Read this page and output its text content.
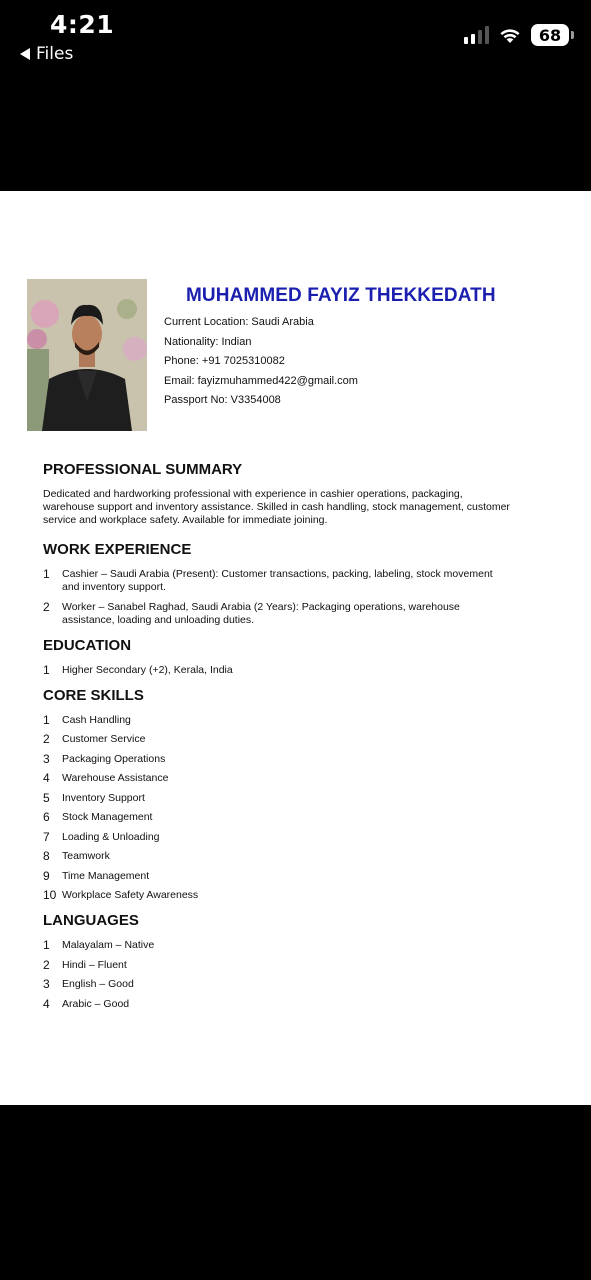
4:21
Files
68
MUHAMMED FAYIZ THEKKEDATH
Current Location: Saudi Arabia
Nationality: Indian
Phone: +91 7025310082
Email: fayizmuhammed422@gmail.com
Passport No: V3354008
PROFESSIONAL SUMMARY

Dedicated and hardworking professional with experience in cashier operations, packaging, warehouse support and inventory assistance. Skilled in cash handling, stock management, customer service and workplace safety. Available for immediate joining.

WORK EXPERIENCE
1	Cashier – Saudi Arabia (Present): Customer transactions, packing, labeling, stock movement and inventory support.
2	Worker – Sanabel Raghad, Saudi Arabia (2 Years): Packaging operations, warehouse assistance, loading and unloading duties.
EDUCATION
1	Higher Secondary (+2), Kerala, India
CORE SKILLS
1	Cash Handling
2	Customer Service
3	Packaging Operations
4	Warehouse Assistance
5	Inventory Support
6	Stock Management
7	Loading & Unloading
8	Teamwork
9	Time Management
10 Workplace Safety Awareness
LANGUAGES
1	Malayalam – Native
2	Hindi – Fluent
3	English – Good
4	Arabic – Good
